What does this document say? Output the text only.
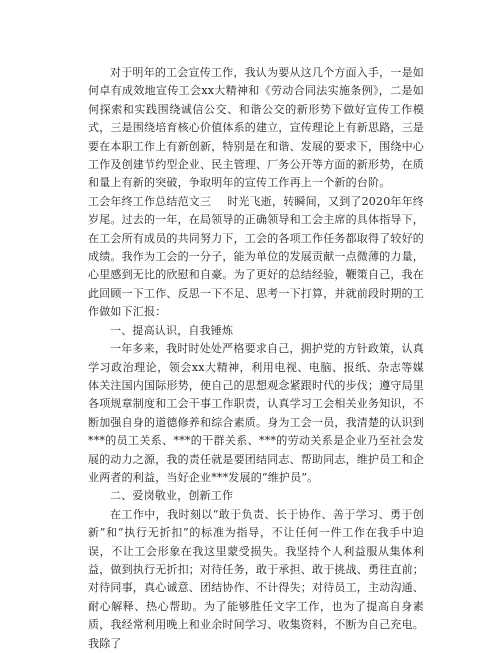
对于明年的工会宣传工作，我认为要从这几个方面入手，一是如何卓有成效地宣传工会xx大精神和《劳动合同法实施条例》，二是如何探索和实践围绕诚信公交、和谐公交的新形势下做好宣传工作模式，三是围绕培育核心价值体系的建立，宣传理论上有新思路，三是要在本职工作上有新创新，特别是在和谐、发展的要求下，围绕中心工作及创建节约型企业、民主管理、厂务公开等方面的新形势，在质和量上有新的突破，争取明年的宣传工作再上一个新的台阶。

工会年终工作总结范文三 时光飞逝，转瞬间，又到了2020年年终岁尾。过去的一年，在局领导的正确领导和工会主席的具体指导下，在工会所有成员的共同努力下，工会的各项工作任务都取得了较好的成绩。我作为工会的一分子，能为单位的发展贡献一点微薄的力量，心里感到无比的欣慰和自豪。为了更好的总结经验，鞭策自己，我在此回顾一下工作、反思一下不足、思考一下打算，并就前段时期的工作做如下汇报：

一、提高认识，自我锤炼

一年多来，我时时处处严格要求自己，拥护党的方针政策，认真学习政治理论，领会xx大精神，利用电视、电脑、报纸、杂志等媒体关注国内国际形势，使自己的思想观念紧跟时代的步伐；遵守局里各项规章制度和工会干事工作职责，认真学习工会相关业务知识，不断加强自身的道德修养和综合素质。身为工会一员，我清楚的认识到***的员工关系、***的干群关系、***的劳动关系是企业乃至社会发展的动力之源，我的责任就是要团结同志、帮助同志，维护员工和企业两者的利益，当好企业***发展的“维护员”。

二、爱岗敬业，创新工作

在工作中，我时刻以“敢于负责、长于协作、善于学习、勇于创新”和“执行无折扣”的标准为指导，不让任何一件工作在我手中迫误，不让工会形象在我这里蒙受损失。我坚持个人利益服从集体利益，做到执行无折扣；对待任务，敢于承担、敢于挑战、勇往直前；对待同事，真心诚意、团结协作、不计得失；对待员工，主动沟通、耐心解释、热心帮助。为了能够胜任文字工作，也为了提高自身素质，我经常利用晚上和业余时间学习、收集资料，不断为自己充电。我除了
